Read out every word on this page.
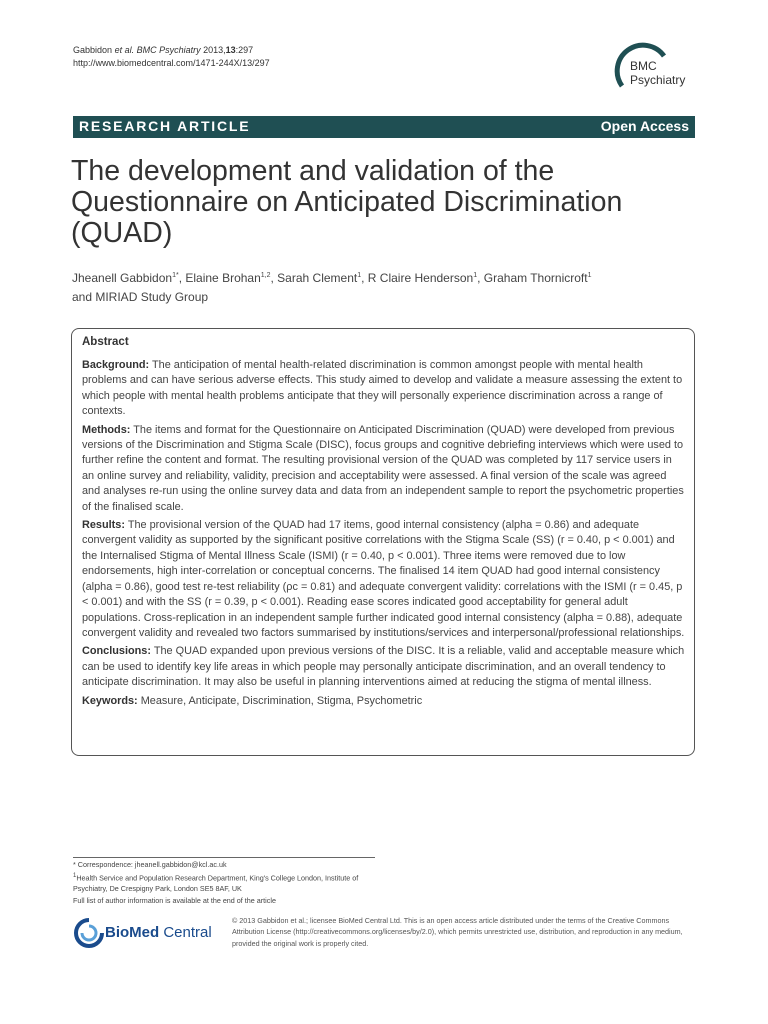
Gabbidon et al. BMC Psychiatry 2013,13:297
http://www.biomedcentral.com/1471-244X/13/297	BMC
Psychiatry
RESEARCH ARTICLE	Open Access
The development and validation of the Questionnaire on Anticipated Discrimination (QUAD)
Jheanell Gabbidon$^{1*}$, Elaine Brohan$^{1,2}$, Sarah Clement$^1$, R Claire Henderson$^1$, Graham Thornicroft$^1$
and MIRIAD Study Group
Abstract

Background: The anticipation of mental health-related discrimination is common amongst people with mental health problems and can have serious adverse effects. This study aimed to develop and validate a measure assessing the extent to which people with mental health problems anticipate that they will personally experience discrimination across a range of contexts.

Methods: The items and format for the Questionnaire on Anticipated Discrimination (QUAD) were developed from previous versions of the Discrimination and Stigma Scale (DISC), focus groups and cognitive debriefing interviews which were used to further refine the content and format. The resulting provisional version of the QUAD was completed by 117 service users in an online survey and reliability, validity, precision and acceptability were assessed. A final version of the scale was agreed and analyses re-run using the online survey data and data from an independent sample to report the psychometric properties of the finalised scale.

Results: The provisional version of the QUAD had 17 items, good internal consistency (alpha = 0.86) and adequate convergent validity as supported by the significant positive correlations with the Stigma Scale (SS) (r = 0.40, p < 0.001) and the Internalised Stigma of Mental Illness Scale (ISMI) (r = 0.40, p < 0.001). Three items were removed due to low endorsements, high inter-correlation or conceptual concerns. The finalised 14 item QUAD had good internal consistency (alpha = 0.86), good test re-test reliability (ρc = 0.81) and adequate convergent validity: correlations with the ISMI (r = 0.45, p < 0.001) and with the SS (r = 0.39, p < 0.001). Reading ease scores indicated good acceptability for general adult populations. Cross-replication in an independent sample further indicated good internal consistency (alpha = 0.88), adequate convergent validity and revealed two factors summarised by institutions/services and interpersonal/professional relationships.

Conclusions: The QUAD expanded upon previous versions of the DISC. It is a reliable, valid and acceptable measure which can be used to identify key life areas in which people may personally anticipate discrimination, and an overall tendency to anticipate discrimination. It may also be useful in planning interventions aimed at reducing the stigma of mental illness.

Keywords: Measure, Anticipate, Discrimination, Stigma, Psychometric

* Correspondence: jheanell.gabbidon@kcl.ac.uk
$^1$Health Service and Population Research Department, King's College London, Institute of Psychiatry, De Crespigny Park, London SE5 8AF, UK
Full list of author information is available at the end of the article
BioMed Central
© 2013 Gabbidon et al.; licensee BioMed Central Ltd. This is an open access article distributed under the terms of the Creative Commons Attribution License (http://creativecommons.org/licenses/by/2.0), which permits unrestricted use, distribution, and reproduction in any medium, provided the original work is properly cited.
